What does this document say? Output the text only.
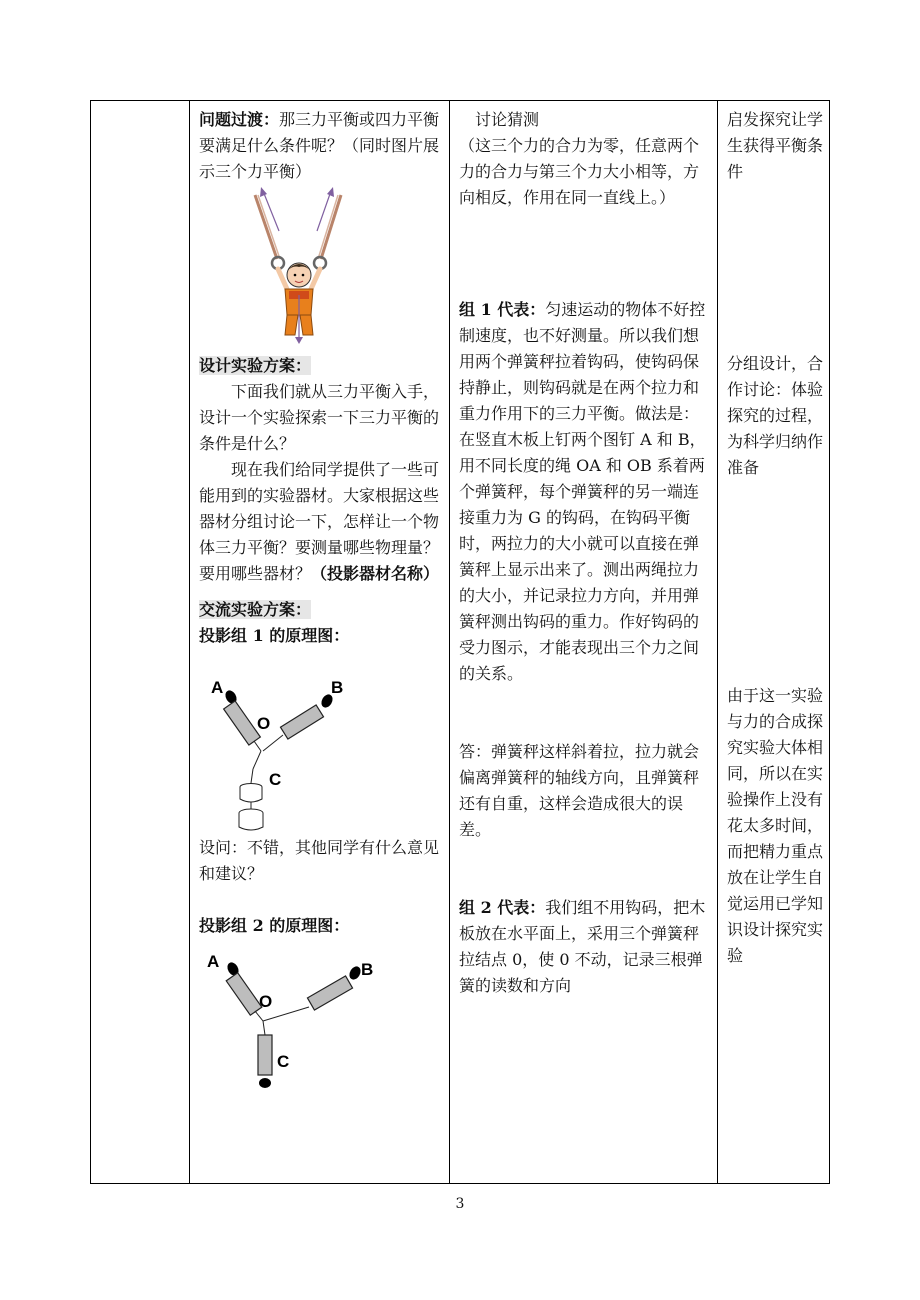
问题过渡：那三力平衡或四力平衡要满足什么条件呢？（同时图片展示三个力平衡）

设计实验方案：

下面我们就从三力平衡入手，设计一个实验探索一下三力平衡的条件是什么？

现在我们给同学提供了一些可能用到的实验器材。大家根据这些器材分组讨论一下，怎样让一个物体三力平衡？要测量哪些物理量？要用哪些器材？（投影器材名称）

交流实验方案：

投影组 1 的原理图：

A	B
O
C

设问：不错，其他同学有什么意见和建议？

投影组 2 的原理图：

A	B
O
C

讨论猜测

（这三个力的合力为零，任意两个力的合力与第三个力大小相等，方向相反，作用在同一直线上。）

组 1 代表：匀速运动的物体不好控制速度，也不好测量。所以我们想用两个弹簧秤拉着钩码，使钩码保持静止，则钩码就是在两个拉力和重力作用下的三力平衡。做法是：在竖直木板上钉两个图钉 A 和 B，用不同长度的绳 OA 和 OB 系着两个弹簧秤，每个弹簧秤的另一端连接重力为 G 的钩码，在钩码平衡时，两拉力的大小就可以直接在弹簧秤上显示出来了。测出两绳拉力的大小，并记录拉力方向，并用弹簧秤测出钩码的重力。作好钩码的受力图示，才能表现出三个力之间的关系。

答：弹簧秤这样斜着拉，拉力就会偏离弹簧秤的轴线方向，且弹簧秤还有自重，这样会造成很大的误差。

组 2 代表：我们组不用钩码，把木板放在水平面上，采用三个弹簧秤拉结点 0，使 0 不动，记录三根弹簧的读数和方向

启发探究让学生获得平衡条件

分组设计，合作讨论：体验探究的过程，为科学归纳作准备

由于这一实验与力的合成探究实验大体相同，所以在实验操作上没有花太多时间，而把精力重点放在让学生自觉运用已学知识设计探究实验

3
